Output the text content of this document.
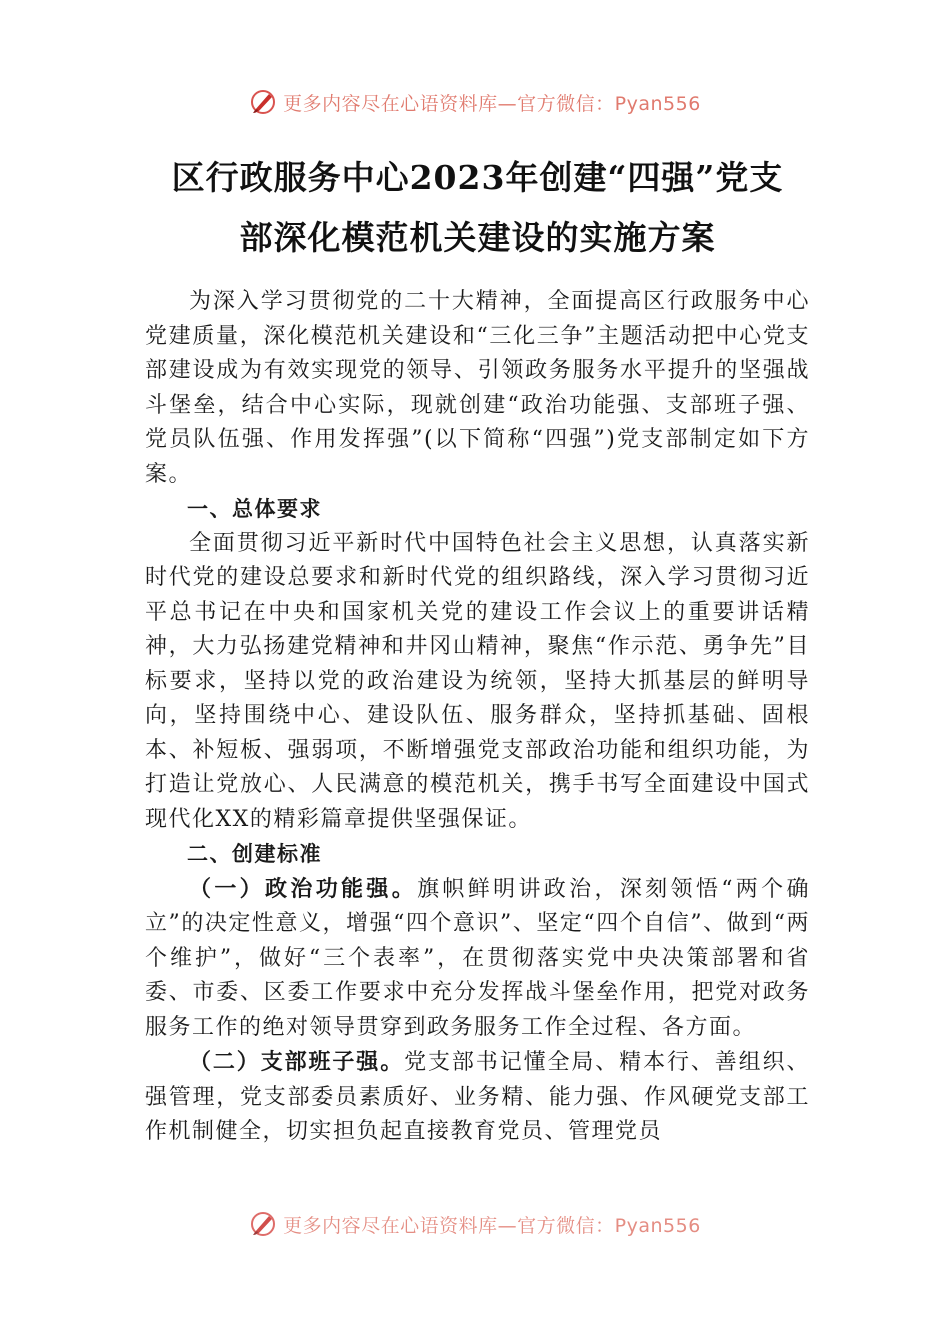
更多内容尽在心语资料库—官方微信：Pyan556
区行政服务中心2023年创建“四强”党支
部深化模范机关建设的实施方案

为深入学习贯彻党的二十大精神，全面提高区行政服务中心党建质量，深化模范机关建设和“三化三争”主题活动把中心党支部建设成为有效实现党的领导、引领政务服务水平提升的坚强战斗堡垒，结合中心实际，现就创建“政治功能强、支部班子强、党员队伍强、作用发挥强”(以下简称“四强”)党支部制定如下方案。

一、总体要求

全面贯彻习近平新时代中国特色社会主义思想，认真落实新时代党的建设总要求和新时代党的组织路线，深入学习贯彻习近平总书记在中央和国家机关党的建设工作会议上的重要讲话精神，大力弘扬建党精神和井冈山精神，聚焦“作示范、勇争先”目标要求，坚持以党的政治建设为统领，坚持大抓基层的鲜明导向，坚持围绕中心、建设队伍、服务群众，坚持抓基础、固根本、补短板、强弱项，不断增强党支部政治功能和组织功能，为打造让党放心、人民满意的模范机关，携手书写全面建设中国式现代化XX的精彩篇章提供坚强保证。

二、创建标准

（一）政治功能强。旗帜鲜明讲政治，深刻领悟“两个确立”的决定性意义，增强“四个意识”、坚定“四个自信”、做到“两个维护”，做好“三个表率”，在贯彻落实党中央决策部署和省委、市委、区委工作要求中充分发挥战斗堡垒作用，把党对政务服务工作的绝对领导贯穿到政务服务工作全过程、各方面。

（二）支部班子强。党支部书记懂全局、精本行、善组织、强管理，党支部委员素质好、业务精、能力强、作风硬党支部工作机制健全，切实担负起直接教育党员、管理党员

更多内容尽在心语资料库—官方微信：Pyan556
